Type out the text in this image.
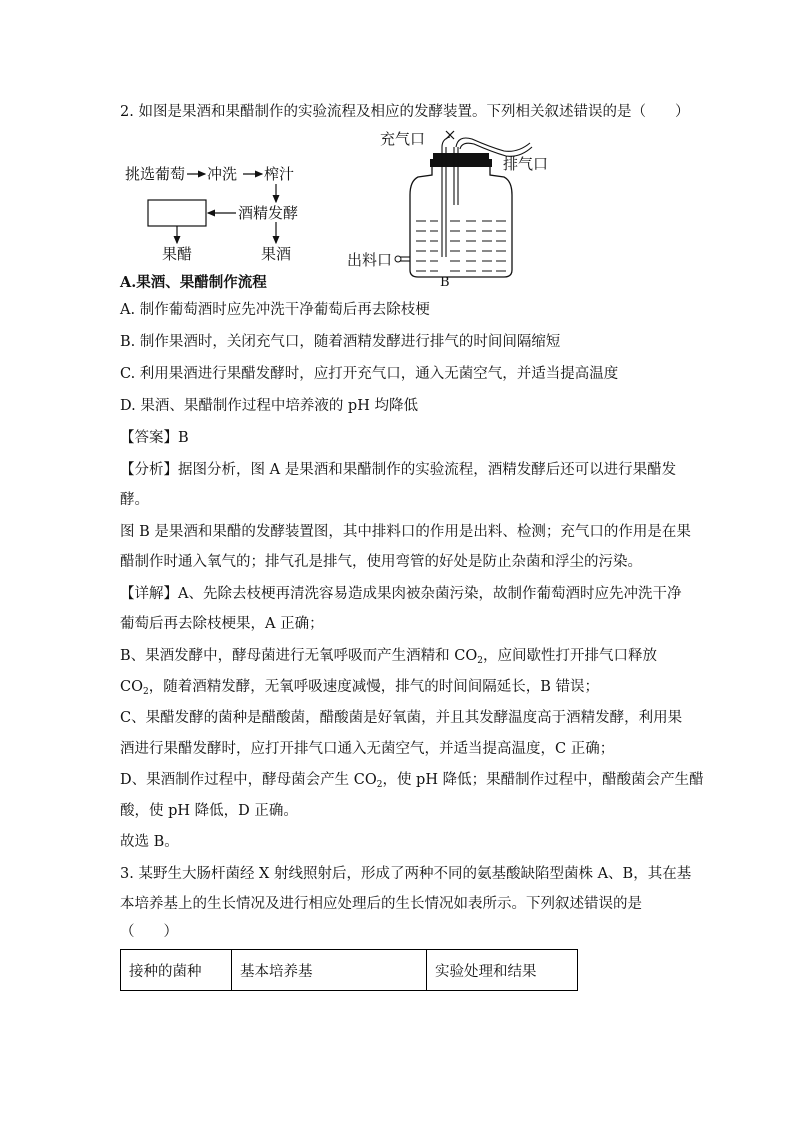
2. 如图是果酒和果醋制作的实验流程及相应的发酵装置。下列相关叙述错误的是（　　）
挑选葡萄 冲洗 榨汁
酒精发酵
果醋	果酒
A.果酒、果醋制作流程
充气口
排气口
出料口
B
A. 制作葡萄酒时应先冲洗干净葡萄后再去除枝梗
B. 制作果酒时，关闭充气口，随着酒精发酵进行排气的时间间隔缩短
C. 利用果酒进行果醋发酵时，应打开充气口，通入无菌空气，并适当提高温度
D. 果酒、果醋制作过程中培养液的 pH 均降低
【答案】B
【分析】据图分析，图 A 是果酒和果醋制作的实验流程，酒精发酵后还可以进行果醋发
酵。
图 B 是果酒和果醋的发酵装置图，其中排料口的作用是出料、检测；充气口的作用是在果
醋制作时通入氧气的；排气孔是排气，使用弯管的好处是防止杂菌和浮尘的污染。
【详解】A、先除去枝梗再清洗容易造成果肉被杂菌污染，故制作葡萄酒时应先冲洗干净
葡萄后再去除枝梗果，A 正确；
B、果酒发酵中，酵母菌进行无氧呼吸而产生酒精和 $CO_2$，应间歇性打开排气口释放
$CO_2$，随着酒精发酵，无氧呼吸速度减慢，排气的时间间隔延长，B 错误；
C、果醋发酵的菌种是醋酸菌，醋酸菌是好氧菌，并且其发酵温度高于酒精发酵，利用果
酒进行果醋发酵时，应打开排气口通入无菌空气，并适当提高温度，C 正确；
D、果酒制作过程中，酵母菌会产生 $CO_2$，使 pH 降低；果醋制作过程中，醋酸菌会产生醋
酸，使 pH 降低，D 正确。
故选 B。
3. 某野生大肠杆菌经 X 射线照射后，形成了两种不同的氨基酸缺陷型菌株 A、B，其在基
本培养基上的生长情况及进行相应处理后的生长情况如表所示。下列叙述错误的是
（　　）
接种的菌种	基本培养基	实验处理和结果
